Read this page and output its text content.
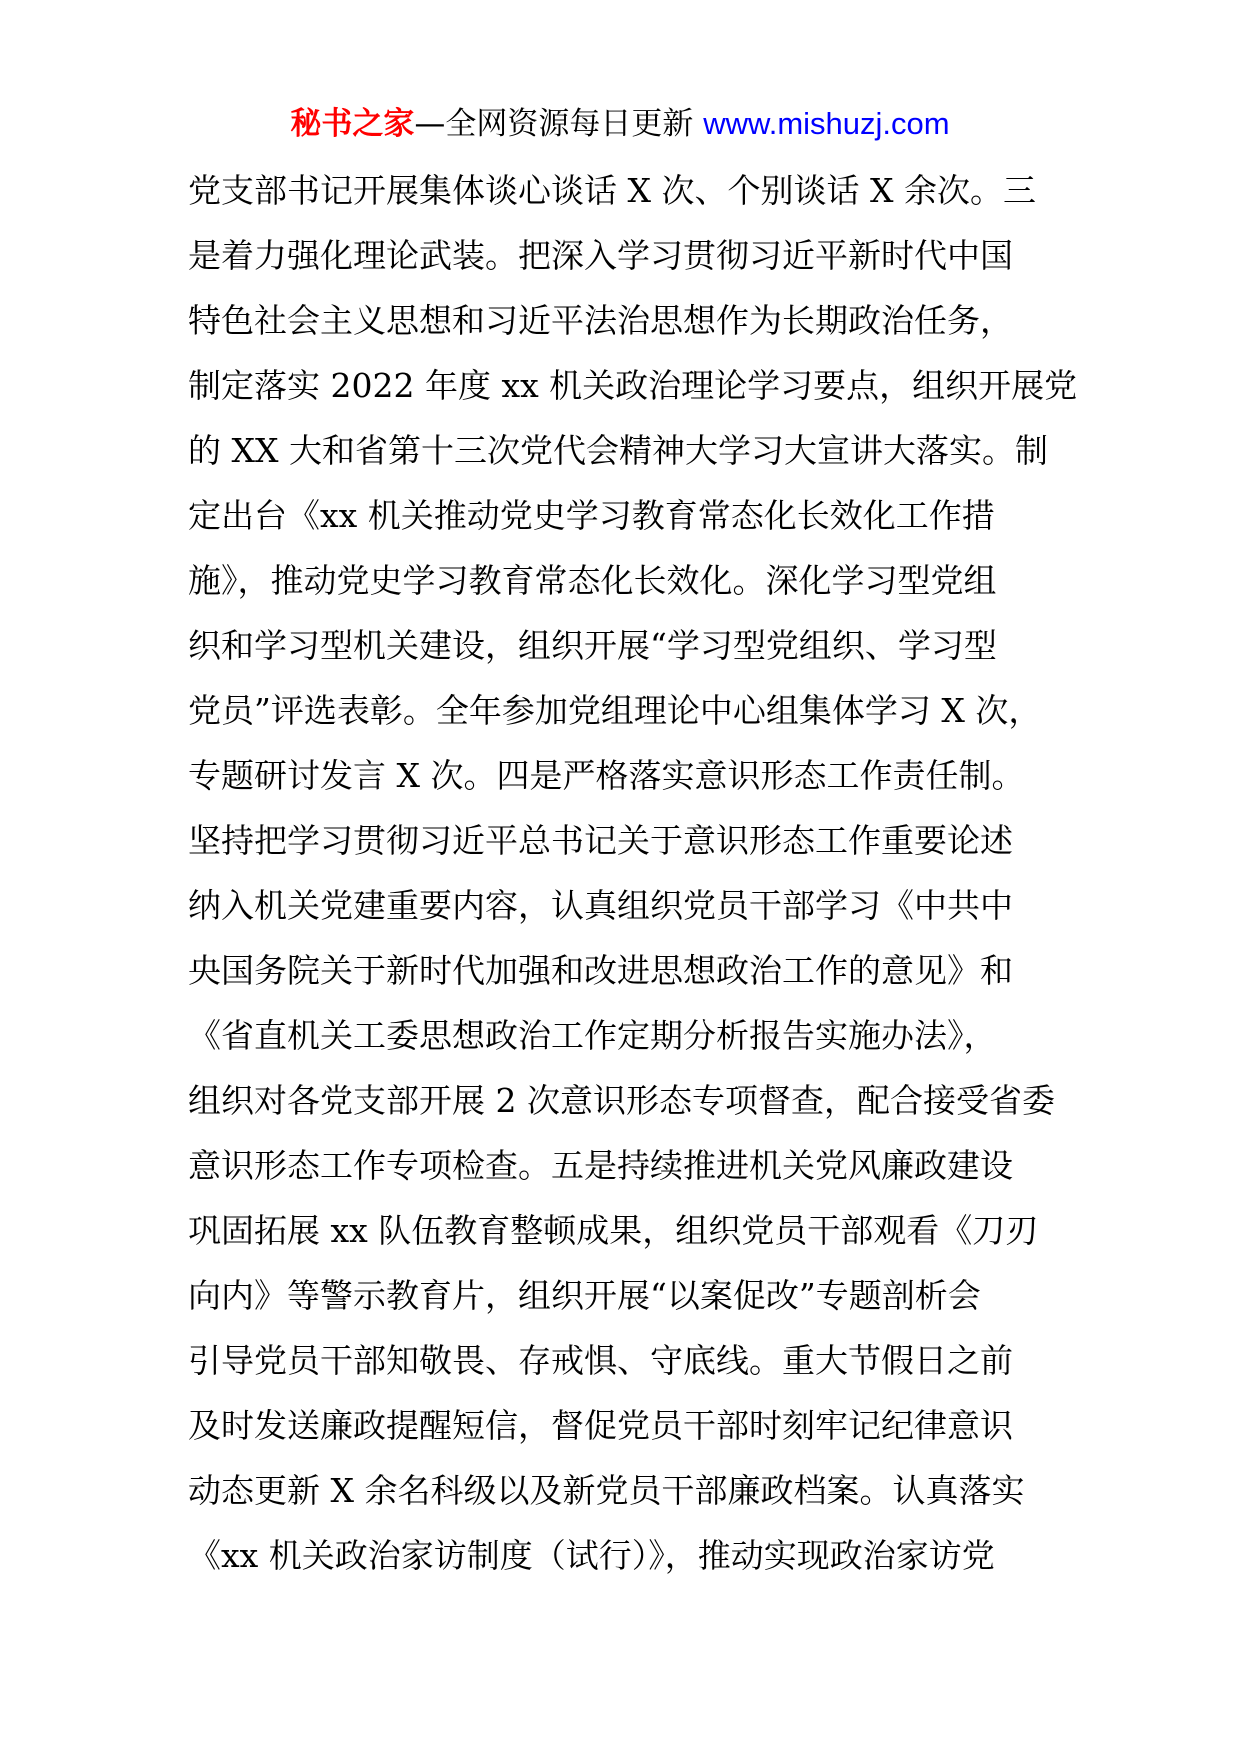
秘书之家—全网资源每日更新 www.mishuzj.com
党支部书记开展集体谈心谈话 X 次、个别谈话 X 余次。三
是着力强化理论武装。把深入学习贯彻习近平新时代中国
特色社会主义思想和习近平法治思想作为长期政治任务，
制定落实 2022 年度 xx 机关政治理论学习要点，组织开展党
的 XX 大和省第十三次党代会精神大学习大宣讲大落实。制
定出台《xx 机关推动党史学习教育常态化长效化工作措
施》，推动党史学习教育常态化长效化。深化学习型党组
织和学习型机关建设，组织开展“学习型党组织、学习型
党员”评选表彰。全年参加党组理论中心组集体学习 X 次，
专题研讨发言 X 次。四是严格落实意识形态工作责任制。
坚持把学习贯彻习近平总书记关于意识形态工作重要论述
纳入机关党建重要内容，认真组织党员干部学习《中共中
央国务院关于新时代加强和改进思想政治工作的意见》和
《省直机关工委思想政治工作定期分析报告实施办法》，
组织对各党支部开展 2 次意识形态专项督查，配合接受省委
意识形态工作专项检查。五是持续推进机关党风廉政建设
巩固拓展 xx 队伍教育整顿成果，组织党员干部观看《刀刃
向内》等警示教育片，组织开展“以案促改”专题剖析会
引导党员干部知敬畏、存戒惧、守底线。重大节假日之前
及时发送廉政提醒短信，督促党员干部时刻牢记纪律意识
动态更新 X 余名科级以及新党员干部廉政档案。认真落实
《xx 机关政治家访制度（试行）》，推动实现政治家访党
